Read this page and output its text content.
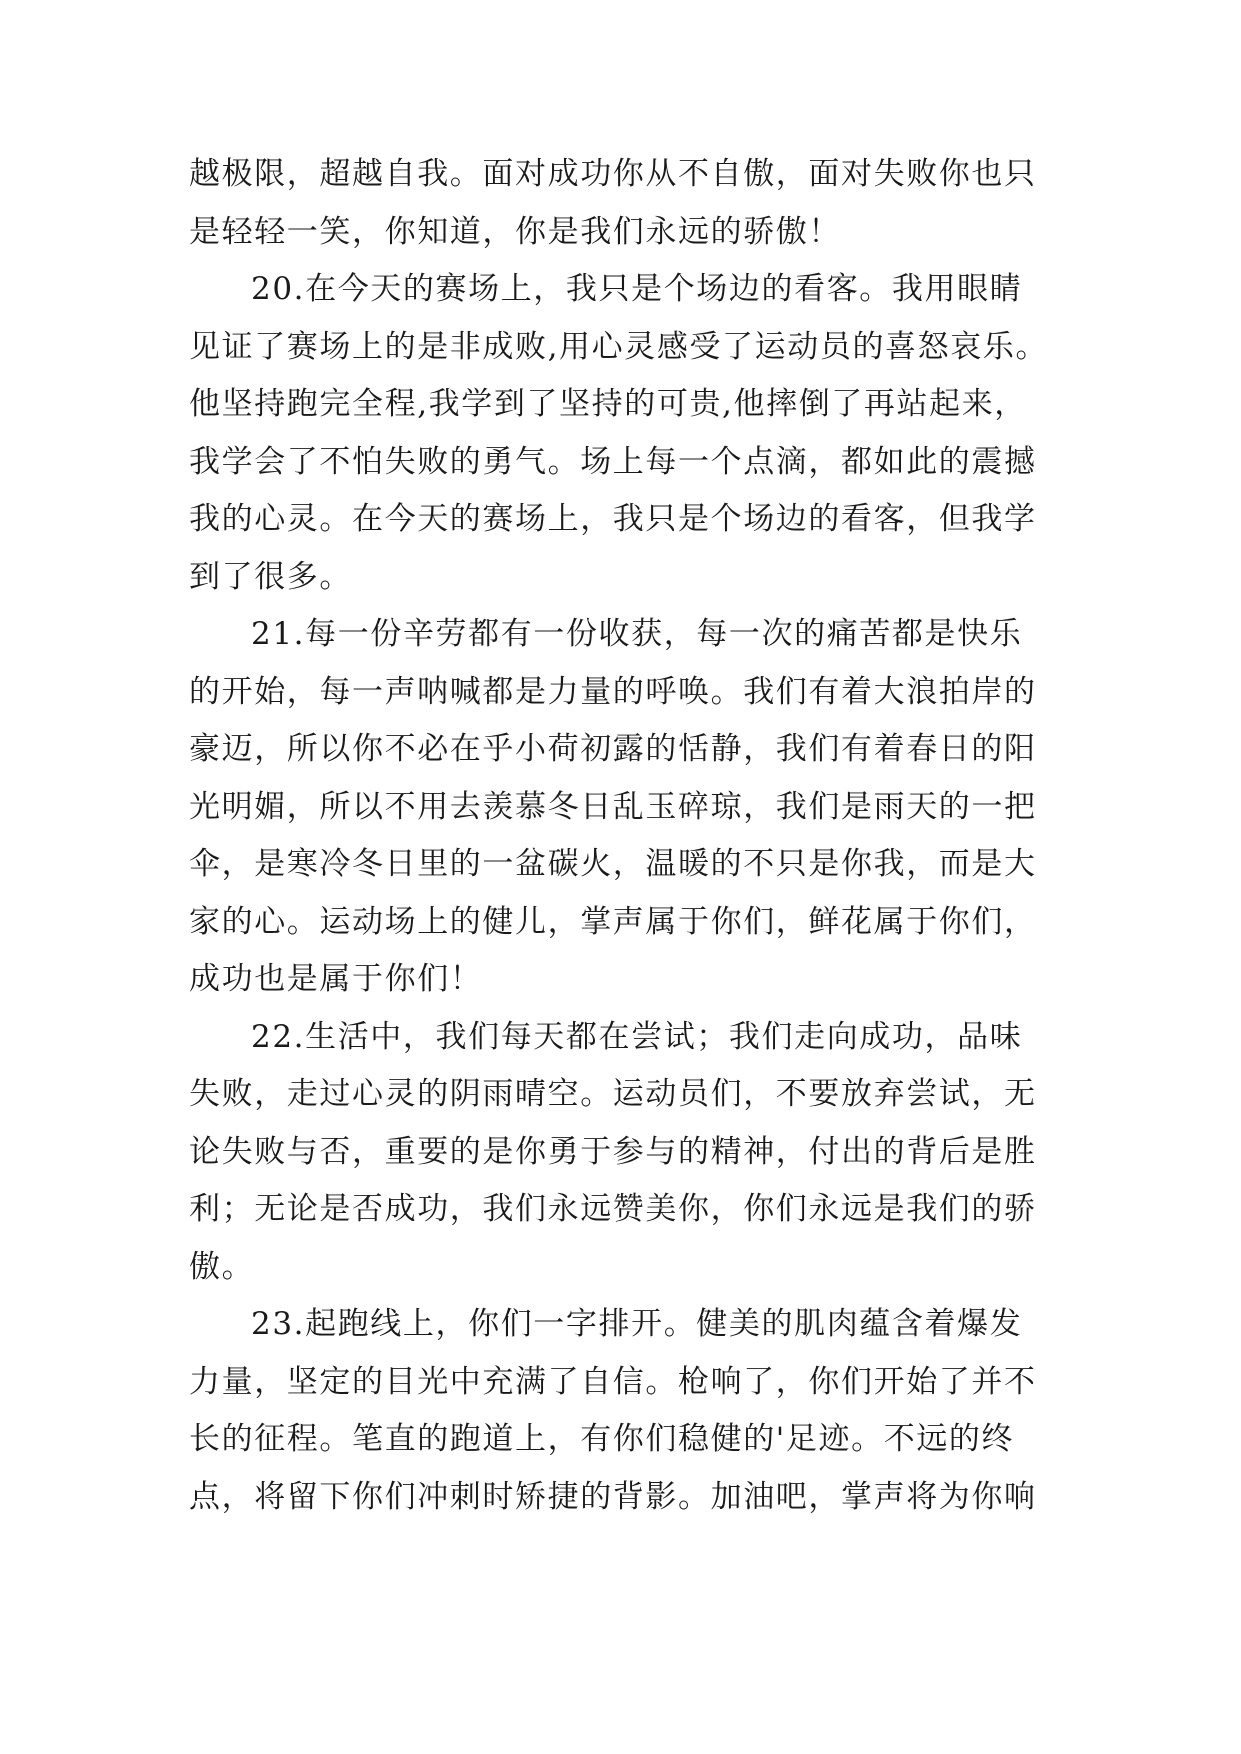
越极限，超越自我。面对成功你从不自傲，面对失败你也只
是轻轻一笑，你知道，你是我们永远的骄傲！
20.在今天的赛场上，我只是个场边的看客。我用眼睛
见证了赛场上的是非成败,用心灵感受了运动员的喜怒哀乐。
他坚持跑完全程,我学到了坚持的可贵,他摔倒了再站起来，
我学会了不怕失败的勇气。场上每一个点滴，都如此的震撼
我的心灵。在今天的赛场上，我只是个场边的看客，但我学
到了很多。
21.每一份辛劳都有一份收获，每一次的痛苦都是快乐
的开始，每一声呐喊都是力量的呼唤。我们有着大浪拍岸的
豪迈，所以你不必在乎小荷初露的恬静，我们有着春日的阳
光明媚，所以不用去羡慕冬日乱玉碎琼，我们是雨天的一把
伞，是寒冷冬日里的一盆碳火，温暖的不只是你我，而是大
家的心。运动场上的健儿，掌声属于你们，鲜花属于你们，
成功也是属于你们！
22.生活中，我们每天都在尝试；我们走向成功，品味
失败，走过心灵的阴雨晴空。运动员们，不要放弃尝试，无
论失败与否，重要的是你勇于参与的精神，付出的背后是胜
利；无论是否成功，我们永远赞美你，你们永远是我们的骄
傲。
23.起跑线上，你们一字排开。健美的肌肉蕴含着爆发
力量，坚定的目光中充满了自信。枪响了，你们开始了并不
长的征程。笔直的跑道上，有你们稳健的'足迹。不远的终
点，将留下你们冲刺时矫捷的背影。加油吧，掌声将为你响
